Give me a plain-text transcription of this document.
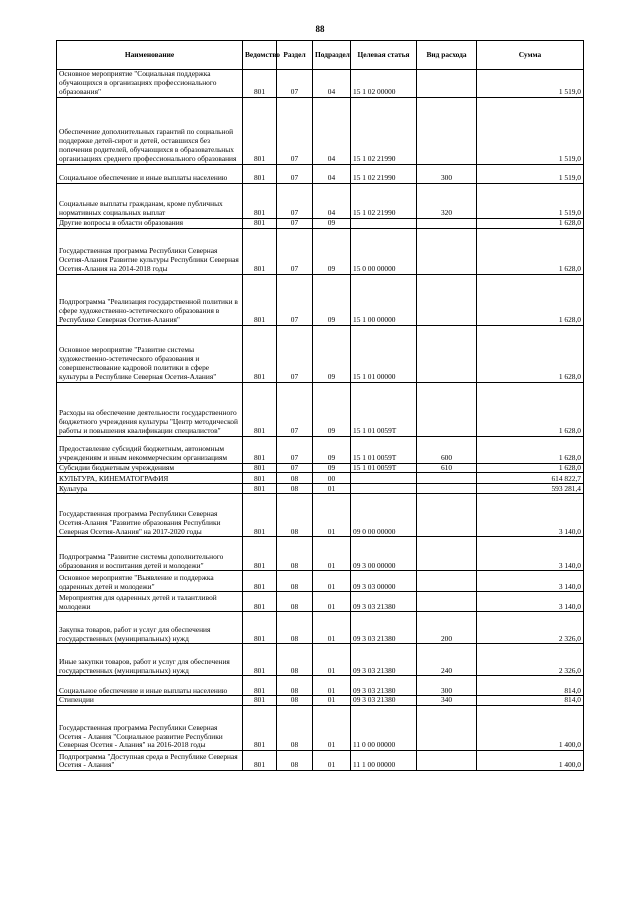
88
Наименование	Ведомство	Раздел	Подраздел	Целевая статья	Вид расхода	Сумма
Основное мероприятие "Социальная поддержка обучающихся в организациях профессионального образования"	801	07	04	15 1 02 00000		1 519,0
Обеспечение дополнительных гарантий по социальной поддержке детей-сирот и детей, оставшихся без попечения родителей, обучающихся в образовательных организациях среднего профессионального образования	801	07	04	15 1 02 21990		1 519,0
Социальное обеспечение и иные выплаты населению	801	07	04	15 1 02 21990	300	1 519,0
Социальные выплаты гражданам, кроме публичных нормативных социальных выплат	801	07	04	15 1 02 21990	320	1 519,0
Другие вопросы в области образования	801	07	09			1 628,0
Государственная программа Республики Северная Осетия-Алания Развитие культуры Республики Северная Осетия-Алания на 2014-2018 годы	801	07	09	15 0 00 00000		1 628,0
Подпрограмма "Реализация государственной политики в сфере художественно-эстетического образования в Республике Северная Осетия-Алания"	801	07	09	15 1 00 00000		1 628,0
Основное мероприятие "Развитие системы художественно-эстетического образования и совершенствование кадровой политики в сфере культуры в Республике Северная Осетия-Алания"	801	07	09	15 1 01 00000		1 628,0
Расходы на обеспечение деятельности государственного бюджетного учреждения культуры "Центр методической работы и повышения квалификации специалистов"	801	07	09	15 1 01 0059Т		1 628,0
Предоставление субсидий бюджетным, автономным учреждениям и иным некоммерческим организациям	801	07	09	15 1 01 0059Т	600	1 628,0
Субсидии бюджетным учреждениям	801	07	09	15 1 01 0059Т	610	1 628,0
КУЛЬТУРА, КИНЕМАТОГРАФИЯ	801	08	00			614 822,7
Культура	801	08	01			593 281,4
Государственная программа Республики Северная Осетия-Алания "Развитие образования Республики Северная Осетия-Алания" на 2017-2020 годы	801	08	01	09 0 00 00000		3 140,0
Подпрограмма "Развитие системы дополнительного образования и воспитания детей и молодежи"	801	08	01	09 3 00 00000		3 140,0
Основное мероприятие "Выявление и поддержка одаренных детей и молодежи"	801	08	01	09 3 03 00000		3 140,0
Мероприятия для одаренных детей и талантливой молодежи	801	08	01	09 3 03 21380		3 140,0
Закупка товаров, работ и услуг для обеспечения государственных (муниципальных) нужд	801	08	01	09 3 03 21380	200	2 326,0
Иные закупки товаров, работ и услуг для обеспечения государственных (муниципальных) нужд	801	08	01	09 3 03 21380	240	2 326,0
Социальное обеспечение и иные выплаты населению	801	08	01	09 3 03 21380	300	814,0
Стипендии	801	08	01	09 3 03 21380	340	814,0
Государственная программа Республики Северная Осетия - Алания "Социальное развитие Республики Северная Осетия - Алания" на 2016-2018 годы	801	08	01	11 0 00 00000		1 400,0
Подпрограмма "Доступная среда в Республике Северная Осетия - Алания"	801	08	01	11 1 00 00000		1 400,0
